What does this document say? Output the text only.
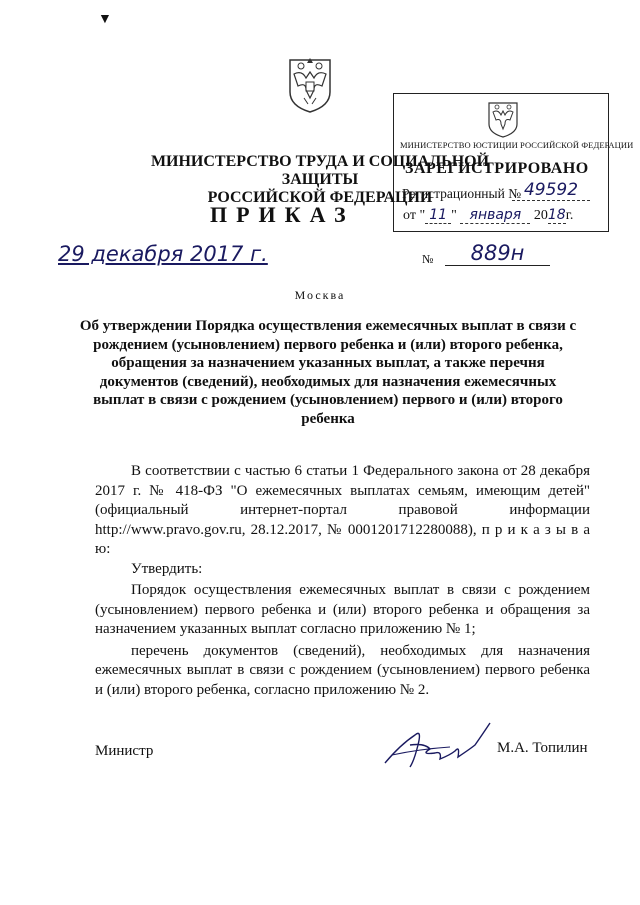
▼
МИНИСТЕРСТВО ЮСТИЦИИ РОССИЙСКОЙ ФЕДЕРАЦИИ
ЗАРЕГИСТРИРОВАНО
Регистрационный № 49592
от " 11 " января 2018г.
МИНИСТЕРСТВО ТРУДА И СОЦИАЛЬНОЙ ЗАЩИТЫ
РОССИЙСКОЙ ФЕДЕРАЦИИ
ПРИКАЗ
29 декабря 2017 г.	№	889н
Москва
Об утверждении Порядка осуществления ежемесячных выплат в связи с рождением (усыновлением) первого ребенка и (или) второго ребенка, обращения за назначением указанных выплат, а также перечня документов (сведений), необходимых для назначения ежемесячных выплат в связи с рождением (усыновлением) первого и (или) второго ребенка

В соответствии с частью 6 статьи 1 Федерального закона от 28 декабря 2017 г. № 418-ФЗ "О ежемесячных выплатах семьям, имеющим детей" (официальный интернет-портал правовой информации http://www.pravo.gov.ru, 28.12.2017, № 0001201712280088), п р и к а з ы в а ю:

Утвердить:

Порядок осуществления ежемесячных выплат в связи с рождением (усыновлением) первого ребенка и (или) второго ребенка и обращения за назначением указанных выплат согласно приложению № 1;

перечень документов (сведений), необходимых для назначения ежемесячных выплат в связи с рождением (усыновлением) первого ребенка и (или) второго ребенка, согласно приложению № 2.

Министр	М.А. Топилин
